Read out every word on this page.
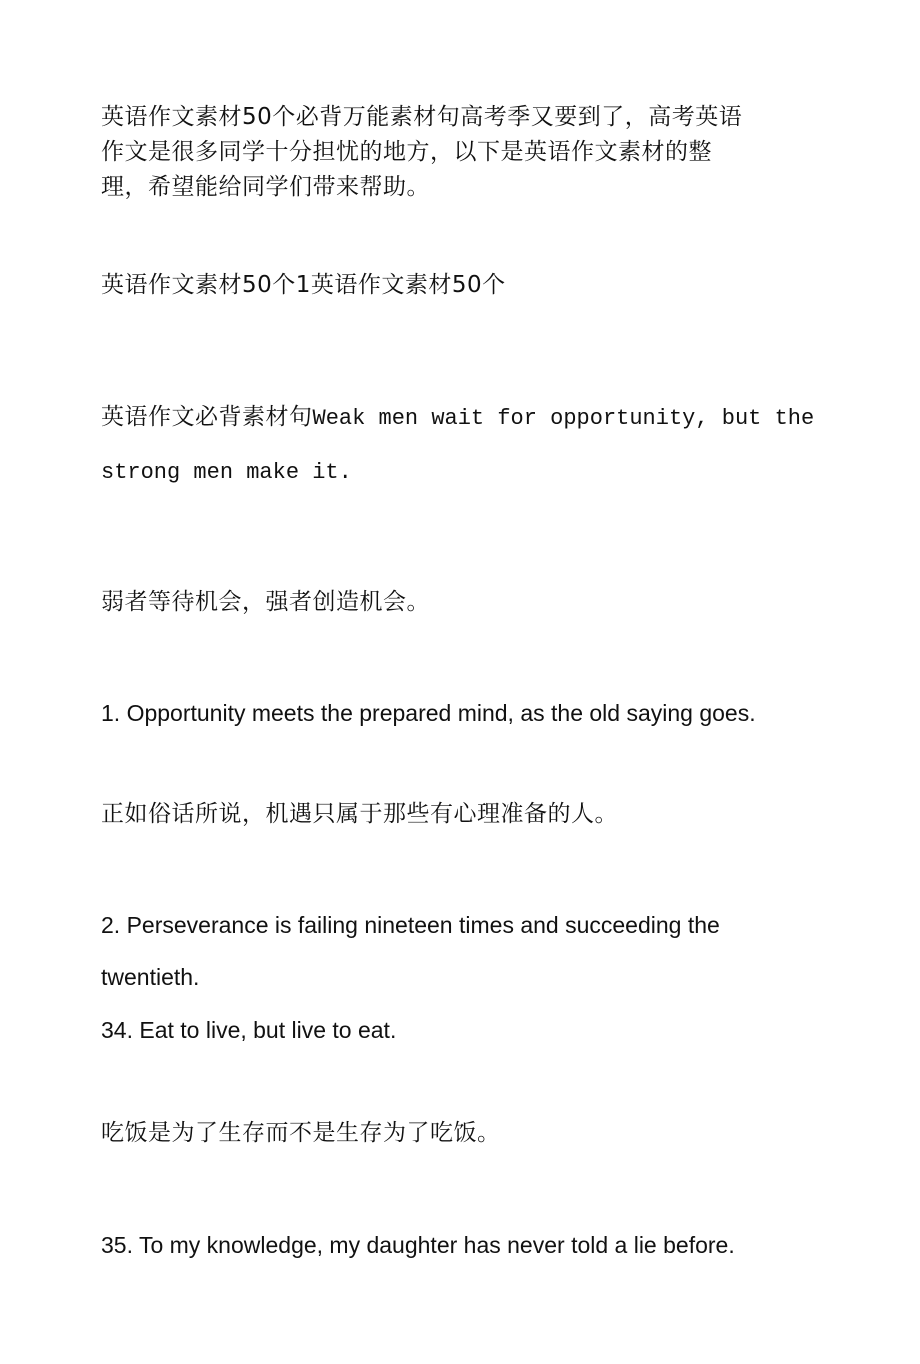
英语作文素材50个必背万能素材句高考季又要到了，高考英语
作文是很多同学十分担忧的地方，以下是英语作文素材的整
理，希望能给同学们带来帮助。

英语作文素材50个1英语作文素材50个

英语作文必背素材句Weak men wait for opportunity, but the

strong men make it.

弱者等待机会，强者创造机会。

1. Opportunity meets the prepared mind, as the old saying goes.

正如俗话所说，机遇只属于那些有心理准备的人。

2. Perseverance is failing nineteen times and succeeding the

twentieth.

34. Eat to live, but live to eat.

吃饭是为了生存而不是生存为了吃饭。

35. To my knowledge, my daughter has never told a lie before.
